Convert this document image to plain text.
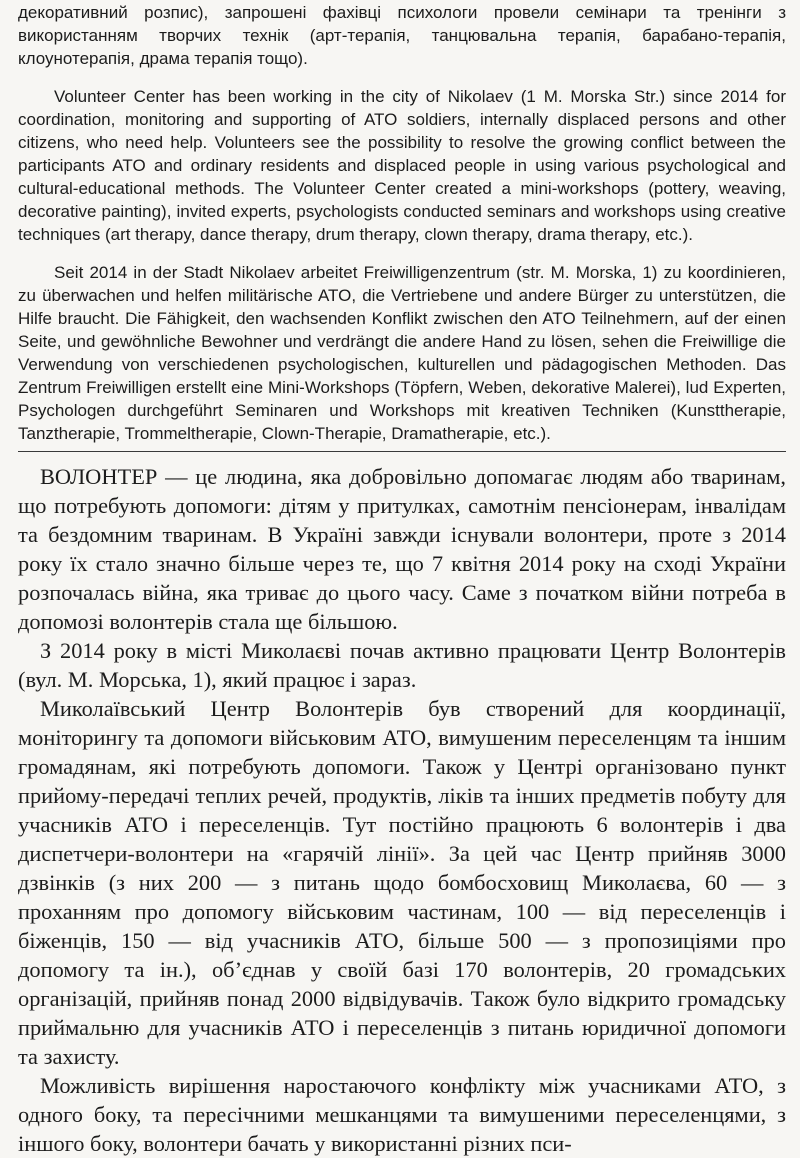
декоративний розпис), запрошені фахівці психологи провели семінари та тренінги з використанням творчих технік (арт-терапія, танцювальна терапія, барабано-терапія, клоунотерапія, драма терапія тощо).

Volunteer Center has been working in the city of Nikolaev (1 M. Morska Str.) since 2014 for coordination, monitoring and supporting of ATO soldiers, internally displaced persons and other citizens, who need help. Volunteers see the possibility to resolve the growing conflict between the participants ATO and ordinary residents and displaced people in using various psychological and cultural-educational methods. The Volunteer Center created a mini-workshops (pottery, weaving, decorative painting), invited experts, psychologists conducted seminars and workshops using creative techniques (art therapy, dance therapy, drum therapy, clown therapy, drama therapy, etc.).

Seit 2014 in der Stadt Nikolaev arbeitet Freiwilligenzentrum (str. M. Morska, 1) zu koordinieren, zu überwachen und helfen militärische ATO, die Vertriebene und andere Bürger zu unterstützen, die Hilfe braucht. Die Fähigkeit, den wachsenden Konflikt zwischen den ATO Teilnehmern, auf der einen Seite, und gewöhnliche Bewohner und verdrängt die andere Hand zu lösen, sehen die Freiwillige die Verwendung von verschiedenen psychologischen, kulturellen und pädagogischen Methoden. Das Zentrum Freiwilligen erstellt eine Mini-Workshops (Töpfern, Weben, dekorative Malerei), lud Experten, Psychologen durchgeführt Seminaren und Workshops mit kreativen Techniken (Kunsttherapie, Tanztherapie, Trommeltherapie, Clown-Therapie, Dramatherapie, etc.).

ВОЛОНТЕР — це людина, яка добровільно допомагає людям або тваринам, що потребують допомоги: дітям у притулках, самотнім пенсіонерам, інвалідам та бездомним тваринам. В Україні завжди існували волонтери, проте з 2014 року їх стало значно більше через те, що 7 квітня 2014 року на сході України розпочалась війна, яка триває до цього часу. Саме з початком війни потреба в допомозі волонтерів стала ще більшою.

З 2014 року в місті Миколаєві почав активно працювати Центр Волонтерів (вул. М. Морська, 1), який працює і зараз.

Миколаївський Центр Волонтерів був створений для координації, моніторингу та допомоги військовим АТО, вимушеним переселенцям та іншим громадянам, які потребують допомоги. Також у Центрі організовано пункт прийому-передачі теплих речей, продуктів, ліків та інших предметів побуту для учасників АТО і переселенців. Тут постійно працюють 6 волонтерів і два диспетчери-волонтери на «гарячій лінії». За цей час Центр прийняв 3000 дзвінків (з них 200 — з питань щодо бомбосховищ Миколаєва, 60 — з проханням про допомогу військовим частинам, 100 — від переселенців і біженців, 150 — від учасників АТО, більше 500 — з пропозиціями про допомогу та ін.), об’єднав у своїй базі 170 волонтерів, 20 громадських організацій, прийняв понад 2000 відвідувачів. Також було відкрито громадську приймальню для учасників АТО і переселенців з питань юридичної допомоги та захисту.

Можливість вирішення наростаючого конфлікту між учасниками АТО, з одного боку, та пересічними мешканцями та вимушеними переселенцями, з іншого боку, волонтери бачать у використанні різних пси-
